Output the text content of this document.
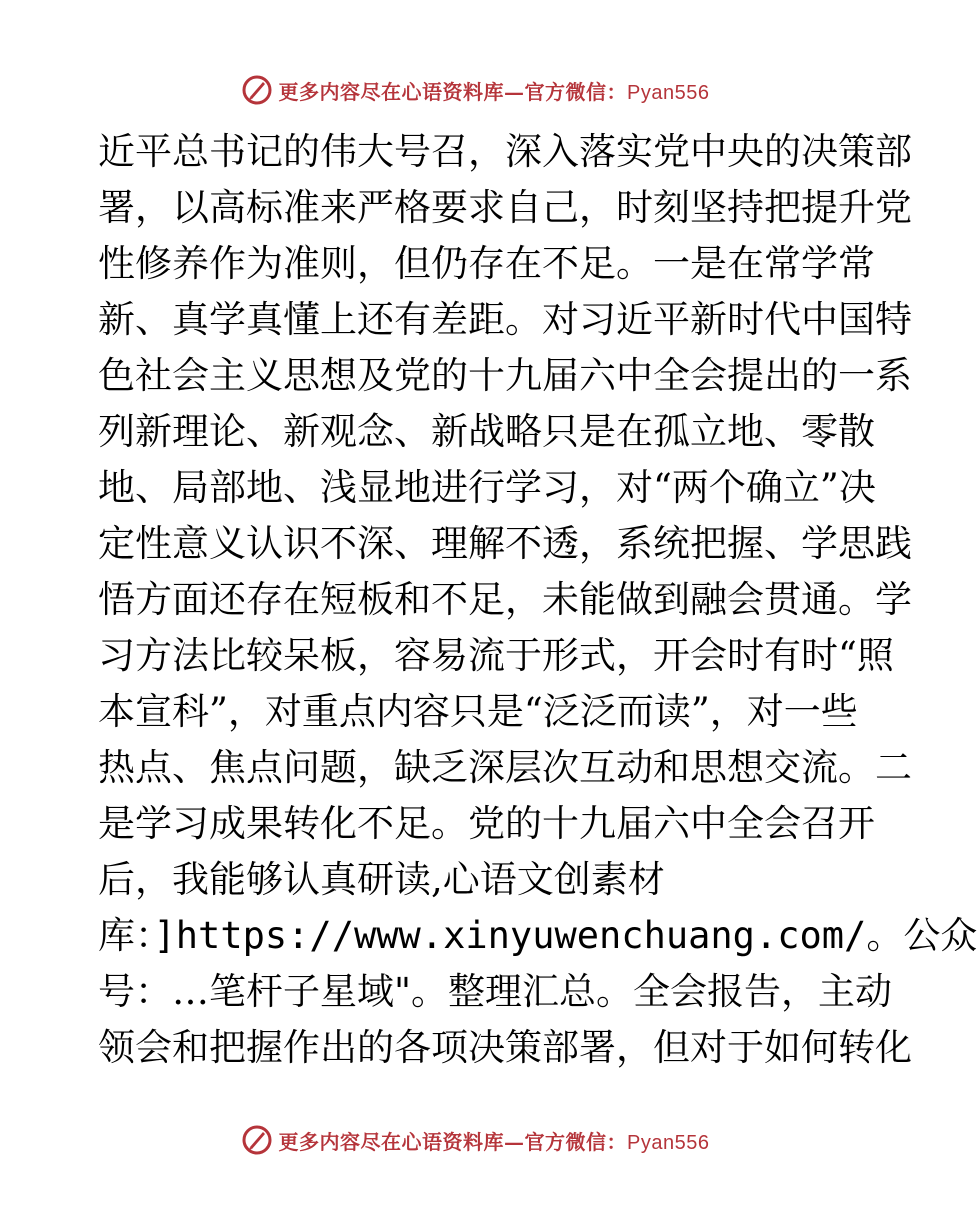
更多内容尽在心语资料库—官方微信：Pyan556
近平总书记的伟大号召，深入落实党中央的决策部
署，以高标准来严格要求自己，时刻坚持把提升党
性修养作为准则，但仍存在不足。一是在常学常
新、真学真懂上还有差距。对习近平新时代中国特
色社会主义思想及党的十九届六中全会提出的一系
列新理论、新观念、新战略只是在孤立地、零散
地、局部地、浅显地进行学习，对“两个确立”决
定性意义认识不深、理解不透，系统把握、学思践
悟方面还存在短板和不足，未能做到融会贯通。学
习方法比较呆板，容易流于形式，开会时有时“照
本宣科”，对重点内容只是“泛泛而读”，对一些
热点、焦点问题，缺乏深层次互动和思想交流。二
是学习成果转化不足。党的十九届六中全会召开
后，我能够认真研读,心语文创素材
库：]https://www.xinyuwenchuang.com/。公众
号：…笔杆子星域"。整理汇总。全会报告，主动
领会和把握作出的各项决策部署，但对于如何转化
更多内容尽在心语资料库—官方微信：Pyan556
